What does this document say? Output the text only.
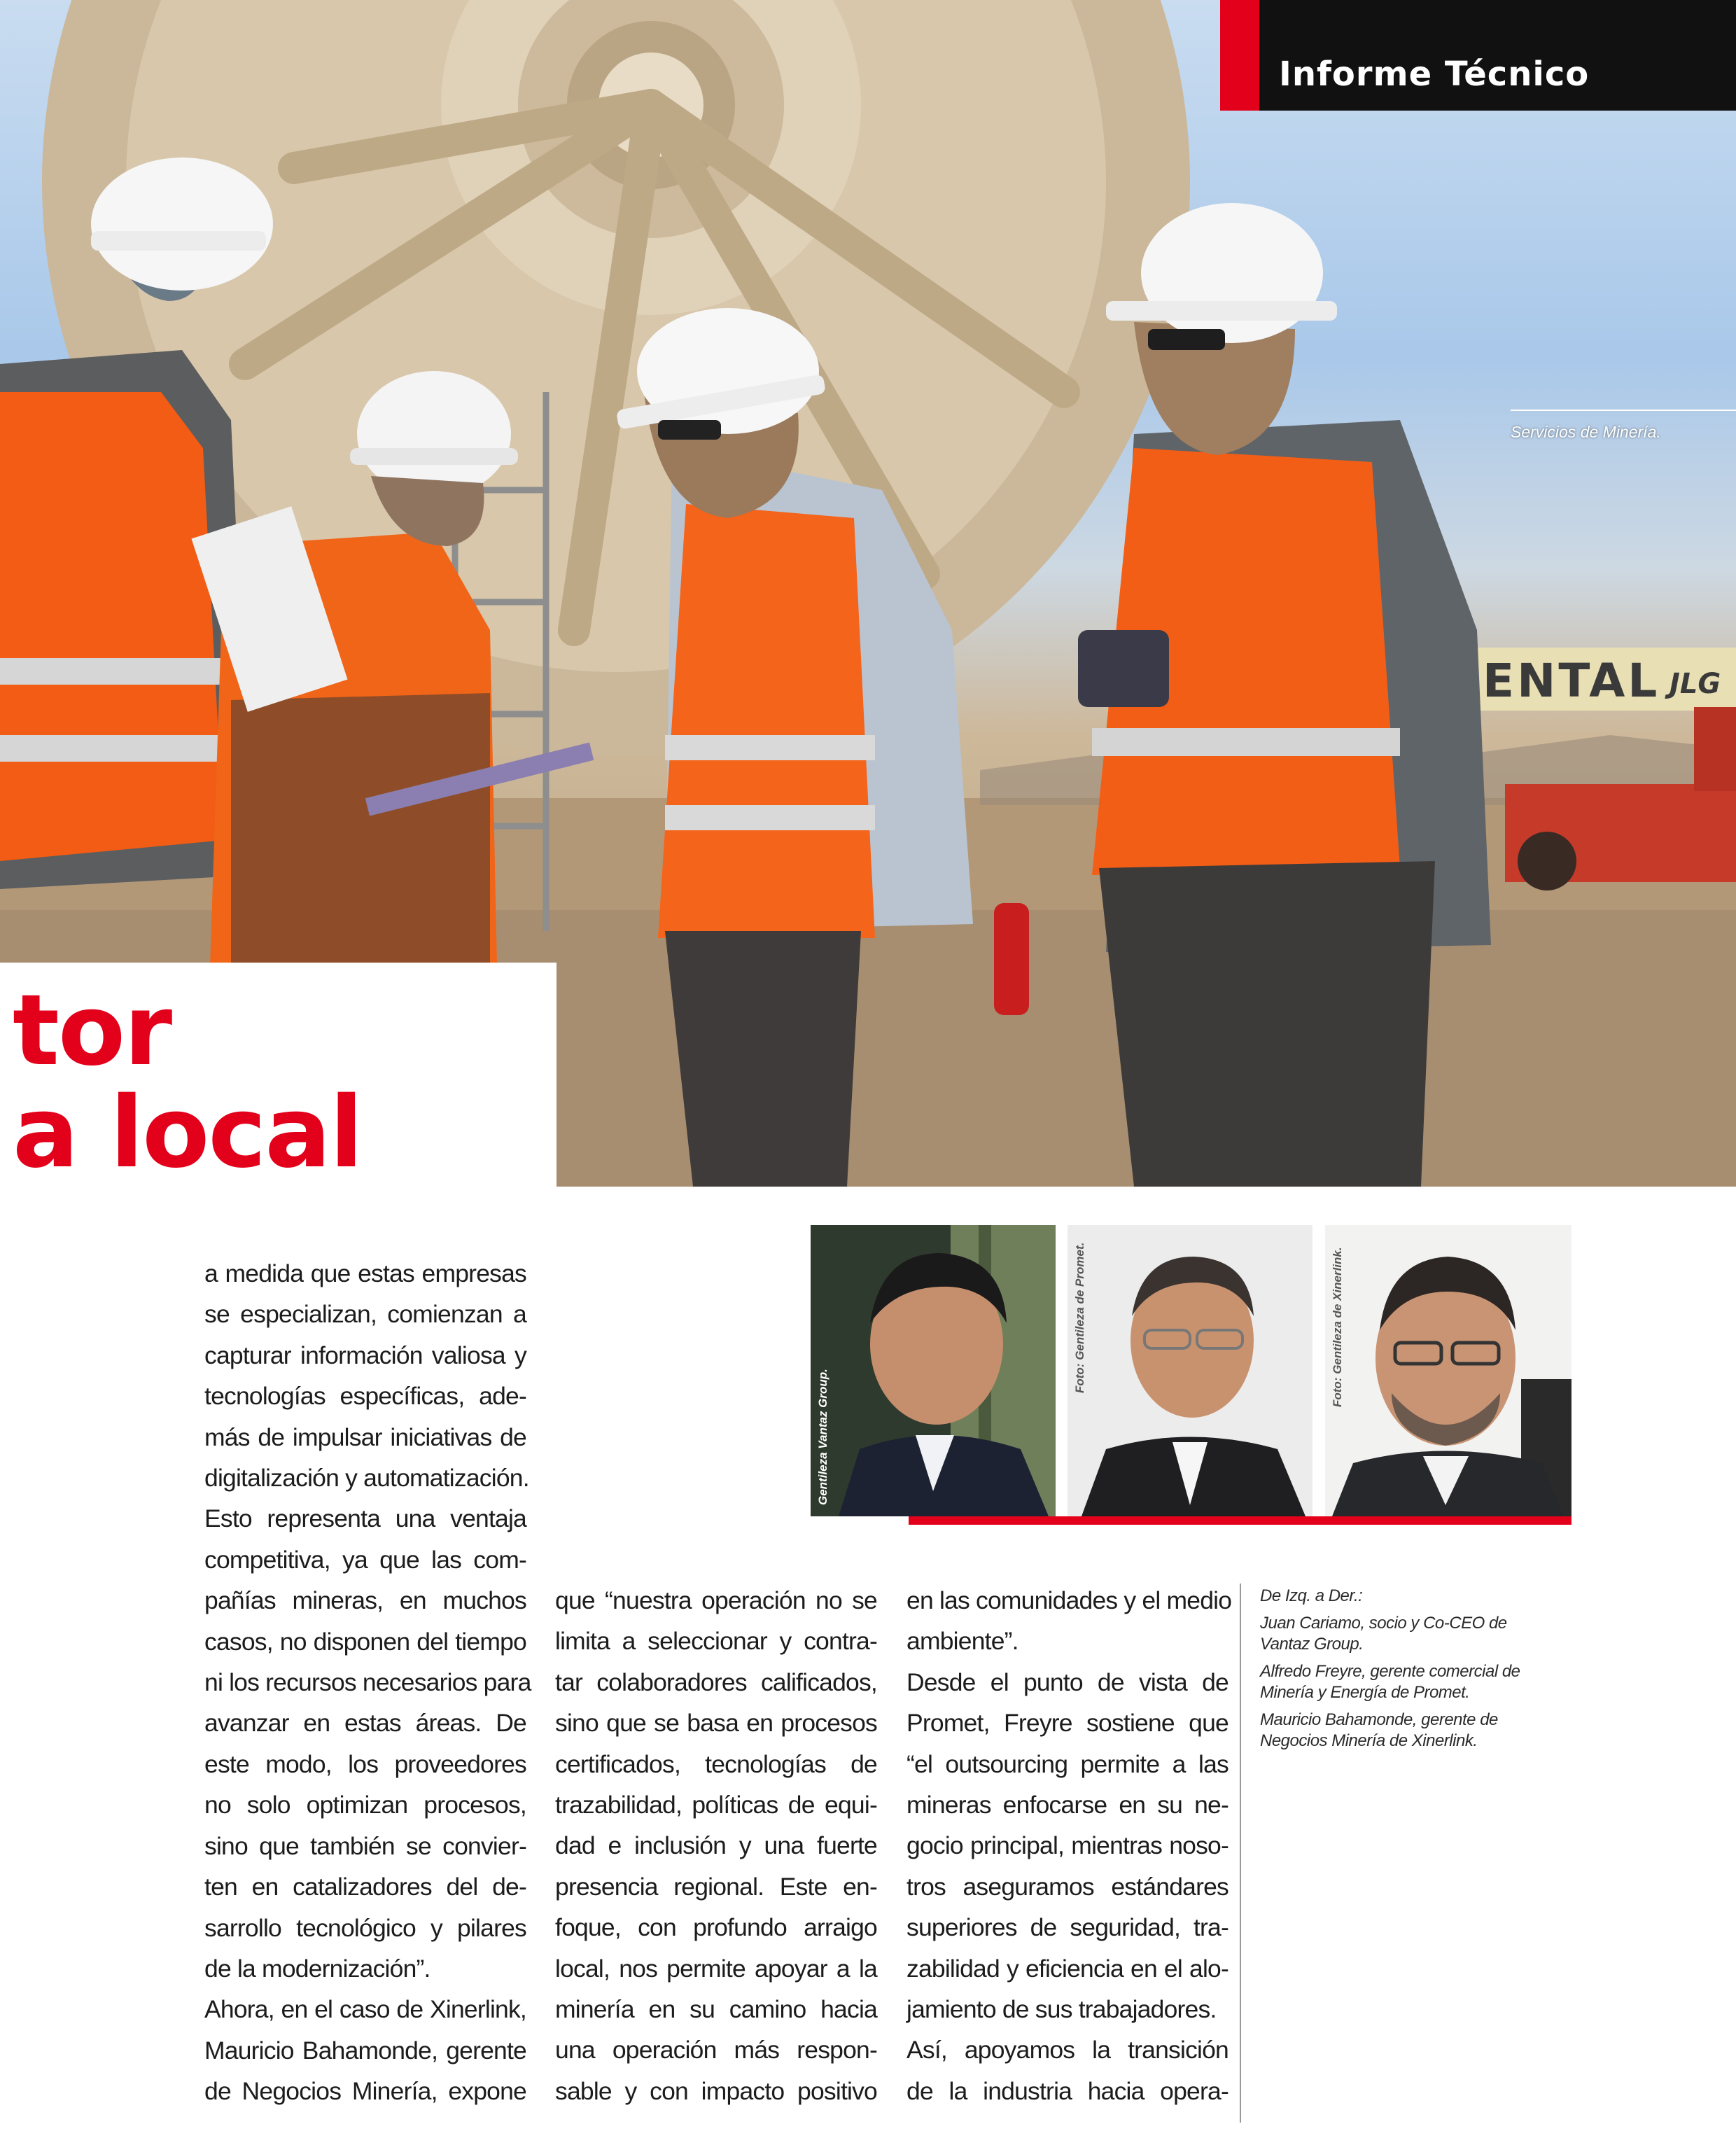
ENTAL JLG
Informe Técnico
Servicios de Minería.
tor
a local
Gentileza Vantaz Group.
Foto: Gentileza de Promet.	Foto: Gentileza de Xinerlink.

De Izq. a Der.:

Juan Cariamo, socio y Co-CEO de Vantaz Group.

Alfredo Freyre, gerente comercial de Minería y Energía de Promet.

Mauricio Bahamonde, gerente de Negocios Minería de Xinerlink.

a medida que estas empresas
se especializan, comienzan a
capturar información valiosa y
tecnologías específicas, ade-
más de impulsar iniciativas de
digitalización y automatización.
Esto representa una ventaja
competitiva, ya que las com-
pañías mineras, en muchos
casos, no disponen del tiempo
ni los recursos necesarios para
avanzar en estas áreas. De
este modo, los proveedores
no solo optimizan procesos,
sino que también se convier-
ten en catalizadores del de-
sarrollo tecnológico y pilares
de la modernización”.
Ahora, en el caso de Xinerlink,
Mauricio Bahamonde, gerente
de Negocios Minería, expone
que “nuestra operación no se
limita a seleccionar y contra-
tar colaboradores calificados,
sino que se basa en procesos
certificados, tecnologías de
trazabilidad, políticas de equi-
dad e inclusión y una fuerte
presencia regional. Este en-
foque, con profundo arraigo
local, nos permite apoyar a la
minería en su camino hacia
una operación más respon-
sable y con impacto positivo
en las comunidades y el medio
ambiente”.
Desde el punto de vista de
Promet, Freyre sostiene que
“el outsourcing permite a las
mineras enfocarse en su ne-
gocio principal, mientras noso-
tros aseguramos estándares
superiores de seguridad, tra-
zabilidad y eficiencia en el alo-
jamiento de sus trabajadores.
Así, apoyamos la transición
de la industria hacia opera-
